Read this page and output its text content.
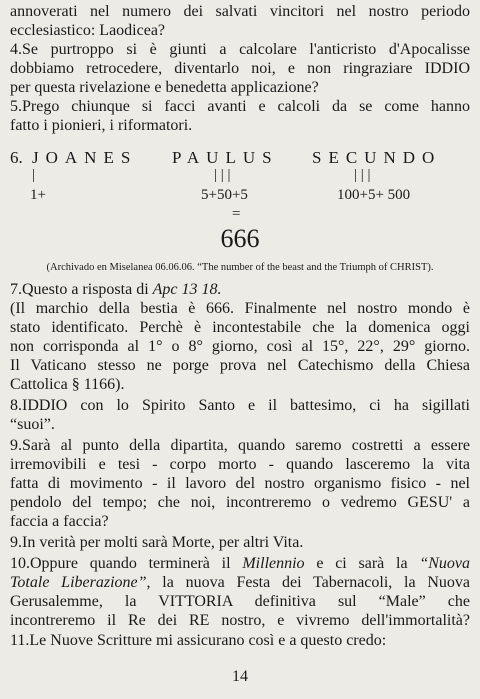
annoverati nel numero dei salvati vincitori nel nostro periodo
ecclesiastico: Laodicea?
4.Se purtroppo si è giunti a calcolare l'anticristo d'Apocalisse
dobbiamo retrocedere, diventarlo noi, e non ringraziare IDDIO
per questa rivelazione e benedetta applicazione?
5.Prego chiunque si facci avanti e calcoli da se come hanno
fatto i pionieri, i riformatori.
6. JOANES PAULUS SECUNDO
|	| | |	| | |
1+	5+50+5	100+5+ 500
=
666
(Archivado en Miselanea 06.06.06. “The number of the beast and the Triumph of CHRIST).
7.Questo a risposta di Apc 13 18.
(Il marchio della bestia è 666. Finalmente nel nostro mondo è
stato identificato. Perchè è incontestabile che la domenica oggi
non corrisponda al 1° o 8° giorno, così al 15°, 22°, 29° giorno.
Il Vaticano stesso ne porge prova nel Catechismo della Chiesa
Cattolica § 1166).
8.IDDIO con lo Spirito Santo e il battesimo, ci ha sigillati
“suoi”.
9.Sarà al punto della dipartita, quando saremo costretti a essere
irremovibili e tesi - corpo morto - quando lasceremo la vita
fatta di movimento - il lavoro del nostro organismo fisico - nel
pendolo del tempo; che noi, incontreremo o vedremo GESU' a
faccia a faccia?
9.In verità per molti sarà Morte, per altri Vita.
10.Oppure quando terminerà il Millennio e ci sarà la “Nuova
Totale Liberazione”, la nuova Festa dei Tabernacoli, la Nuova
Gerusalemme, la VITTORIA definitiva sul “Male” che
incontreremo il Re dei RE nostro, e vivremo dell'immortalità?
11.Le Nuove Scritture mi assicurano così e a questo credo:
14
